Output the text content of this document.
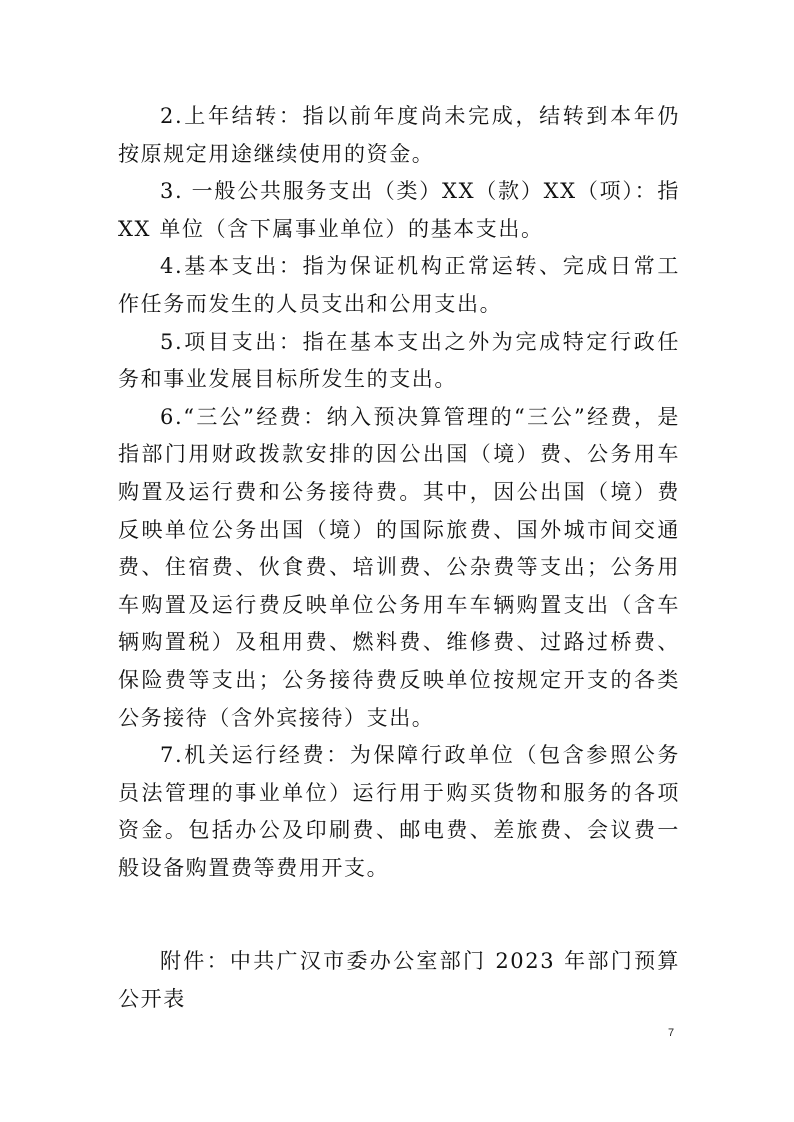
2.上年结转：指以前年度尚未完成，结转到本年仍按原规定用途继续使用的资金。

3. 一般公共服务支出（类）XX（款）XX（项）：指XX 单位（含下属事业单位）的基本支出。

4.基本支出：指为保证机构正常运转、完成日常工作任务而发生的人员支出和公用支出。

5.项目支出：指在基本支出之外为完成特定行政任务和事业发展目标所发生的支出。

6.“三公”经费：纳入预决算管理的“三公”经费，是指部门用财政拨款安排的因公出国（境）费、公务用车购置及运行费和公务接待费。其中，因公出国（境）费反映单位公务出国（境）的国际旅费、国外城市间交通费、住宿费、伙食费、培训费、公杂费等支出；公务用车购置及运行费反映单位公务用车车辆购置支出（含车辆购置税）及租用费、燃料费、维修费、过路过桥费、保险费等支出；公务接待费反映单位按规定开支的各类公务接待（含外宾接待）支出。

7.机关运行经费：为保障行政单位（包含参照公务员法管理的事业单位）运行用于购买货物和服务的各项资金。包括办公及印刷费、邮电费、差旅费、会议费一般设备购置费等费用开支。

附件：中共广汉市委办公室部门 2023 年部门预算公开表

7
